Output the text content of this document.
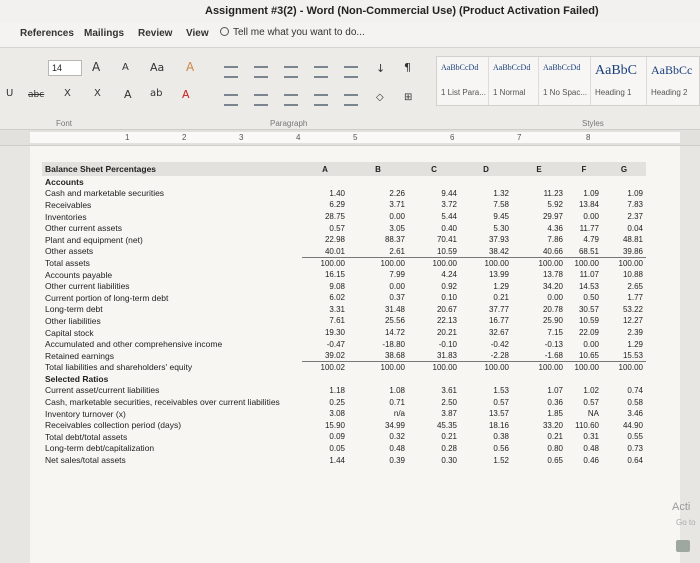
Assignment #3(2) - Word (Non-Commercial Use) (Product Activation Failed)
References Mailings Review View	Tell me what you want to do...
14	A A Aa A
U abc X X A ab A
↓ ¶
◇ ⊞
AaBbCcDd
1 List Para...
AaBbCcDd
1 Normal
AaBbCcDd
1 No Spac...
AaBbC
Heading 1
AaBbCc
Heading 2
Font	Paragraph	Styles
1	2	3	4	5	6	7	8
Balance Sheet Percentages	A	B	C	D	E	F	G
Accounts							
Cash and marketable securities	1.40	2.26	9.44	1.32	11.23	1.09	1.09
Receivables	6.29	3.71	3.72	7.58	5.92	13.84	7.83
Inventories	28.75	0.00	5.44	9.45	29.97	0.00	2.37
Other current assets	0.57	3.05	0.40	5.30	4.36	11.77	0.04
Plant and equipment (net)	22.98	88.37	70.41	37.93	7.86	4.79	48.81
Other assets	40.01	2.61	10.59	38.42	40.66	68.51	39.86
Total assets	100.00	100.00	100.00	100.00	100.00	100.00	100.00
Accounts payable	16.15	7.99	4.24	13.99	13.78	11.07	10.88
Other current liabilities	9.08	0.00	0.92	1.29	34.20	14.53	2.65
Current portion of long-term debt	6.02	0.37	0.10	0.21	0.00	0.50	1.77
Long-term debt	3.31	31.48	20.67	37.77	20.78	30.57	53.22
Other liabilities	7.61	25.56	22.13	16.77	25.90	10.59	12.27
Capital stock	19.30	14.72	20.21	32.67	7.15	22.09	2.39
Accumulated and other comprehensive income	-0.47	-18.80	-0.10	-0.42	-0.13	0.00	1.29
Retained earnings	39.02	38.68	31.83	-2.28	-1.68	10.65	15.53
Total liabilities and shareholders' equity	100.02	100.00	100.00	100.00	100.00	100.00	100.00
Selected Ratios							
Current asset/current liabilities	1.18	1.08	3.61	1.53	1.07	1.02	0.74
Cash, marketable securities, receivables over current liabilities	0.25	0.71	2.50	0.57	0.36	0.57	0.58
Inventory turnover (x)	3.08	n/a	3.87	13.57	1.85	NA	3.46
Receivables collection period (days)	15.90	34.99	45.35	18.16	33.20	110.60	44.90
Total debt/total assets	0.09	0.32	0.21	0.38	0.21	0.31	0.55
Long-term debt/capitalization	0.05	0.48	0.28	0.56	0.80	0.48	0.73
Net sales/total assets	1.44	0.39	0.30	1.52	0.65	0.46	0.64
Acti
Go to
